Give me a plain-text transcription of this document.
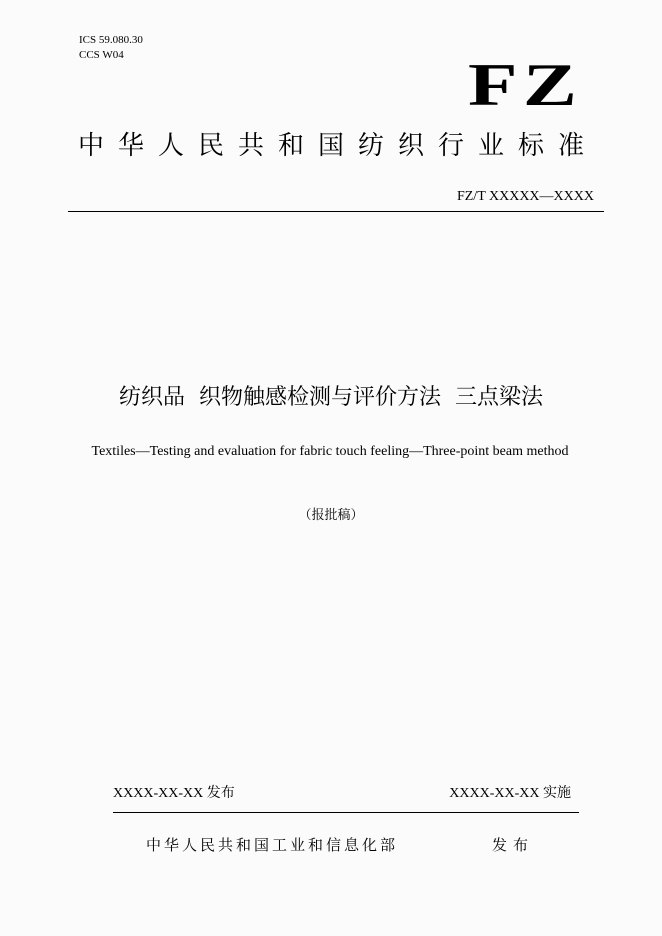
ICS 59.080.30
CCS W04	FZ
中华人民共和国纺织行业标准
FZ/T XXXXX—XXXX
纺织品  织物触感检测与评价方法  三点梁法
Textiles—Testing and evaluation for fabric touch feeling—Three-point beam method
（报批稿）
XXXX-XX-XX 发布	XXXX-XX-XX 实施
中华人民共和国工业和信息化部	发布
